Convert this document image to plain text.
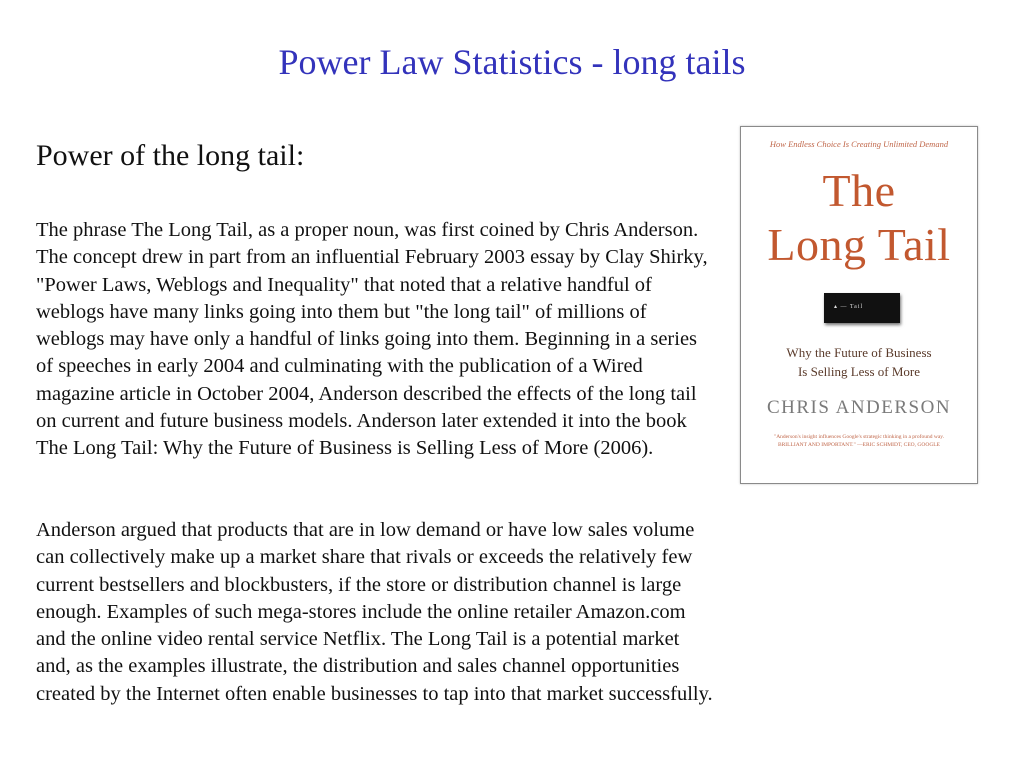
Power Law Statistics - long tails
Power of the long tail:

The phrase The Long Tail, as a proper noun, was first coined by Chris Anderson. The concept drew in part from an influential February 2003 essay by Clay Shirky, "Power Laws, Weblogs and Inequality" that noted that a relative handful of weblogs have many links going into them but "the long tail" of millions of weblogs may have only a handful of links going into them. Beginning in a series of speeches in early 2004 and culminating with the publication of a Wired magazine article in October 2004, Anderson described the effects of the long tail on current and future business models. Anderson later extended it into the book The Long Tail: Why the Future of Business is Selling Less of More (2006).

Anderson argued that products that are in low demand or have low sales volume can collectively make up a market share that rivals or exceeds the relatively few current bestsellers and blockbusters, if the store or distribution channel is large enough. Examples of such mega-stores include the online retailer Amazon.com and the online video rental service Netflix. The Long Tail is a potential market and, as the examples illustrate, the distribution and sales channel opportunities created by the Internet often enable businesses to tap into that market successfully.

How Endless Choice Is Creating Unlimited Demand
The
Long Tail
▴ — Tail
Why the Future of Business
Is Selling Less of More
CHRIS ANDERSON
"Anderson's insight influences Google's strategic thinking in a profound way. BRILLIANT AND IMPORTANT." —ERIC SCHMIDT, CEO, GOOGLE
